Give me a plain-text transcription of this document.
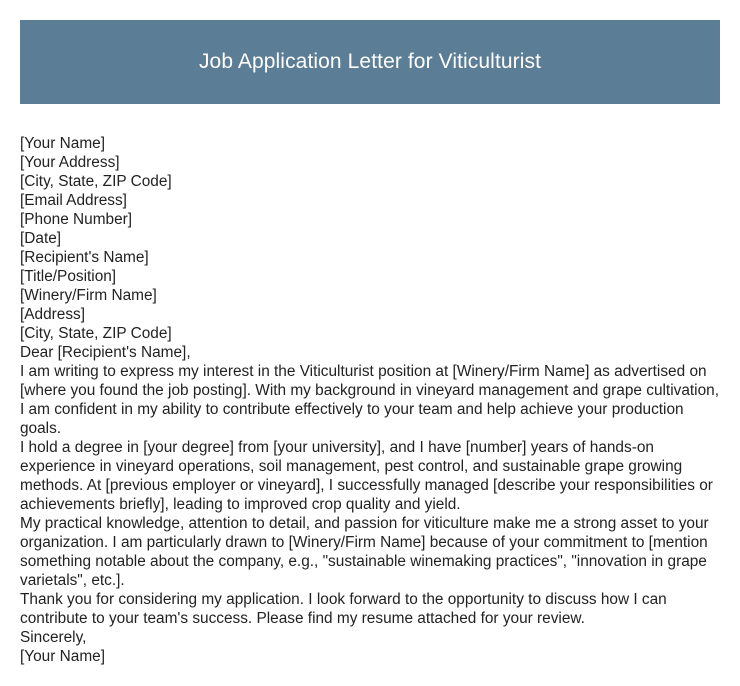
Job Application Letter for Viticulturist
[Your Name]
[Your Address]
[City, State, ZIP Code]
[Email Address]
[Phone Number]
[Date]
[Recipient's Name]
[Title/Position]
[Winery/Firm Name]
[Address]
[City, State, ZIP Code]
Dear [Recipient's Name],

I am writing to express my interest in the Viticulturist position at [Winery/Firm Name] as advertised on [where you found the job posting]. With my background in vineyard management and grape cultivation, I am confident in my ability to contribute effectively to your team and help achieve your production goals.

I hold a degree in [your degree] from [your university], and I have [number] years of hands-on experience in vineyard operations, soil management, pest control, and sustainable grape growing methods. At [previous employer or vineyard], I successfully managed [describe your responsibilities or achievements briefly], leading to improved crop quality and yield.

My practical knowledge, attention to detail, and passion for viticulture make me a strong asset to your organization. I am particularly drawn to [Winery/Firm Name] because of your commitment to [mention something notable about the company, e.g., "sustainable winemaking practices", "innovation in grape varietals", etc.].

Thank you for considering my application. I look forward to the opportunity to discuss how I can contribute to your team's success. Please find my resume attached for your review.

Sincerely,
[Your Name]
